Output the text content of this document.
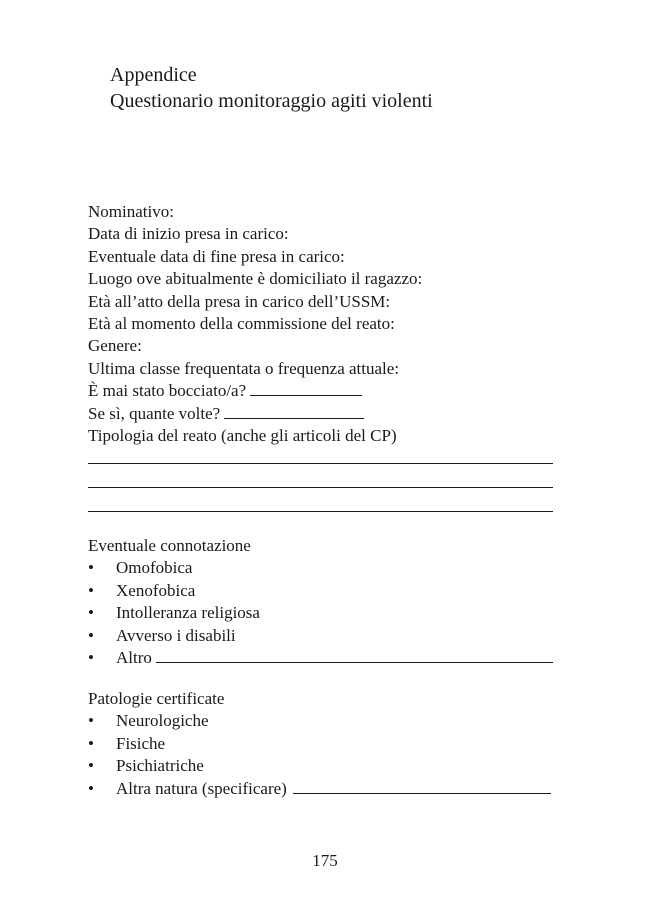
Appendice
Questionario monitoraggio agiti violenti
Nominativo:
Data di inizio presa in carico:
Eventuale data di fine presa in carico:
Luogo ove abitualmente è domiciliato il ragazzo:
Età all’atto della presa in carico dell’USSM:
Età al momento della commissione del reato:
Genere:
Ultima classe frequentata o frequenza attuale:
È mai stato bocciato/a?
Se sì, quante volte?
Tipologia del reato (anche gli articoli del CP)
Eventuale connotazione
•	Omofobica
•	Xenofobica
•	Intolleranza religiosa
•	Avverso i disabili
•	Altro
Patologie certificate
•	Neurologiche
•	Fisiche
•	Psichiatriche
•	Altra natura (specificare)
175
